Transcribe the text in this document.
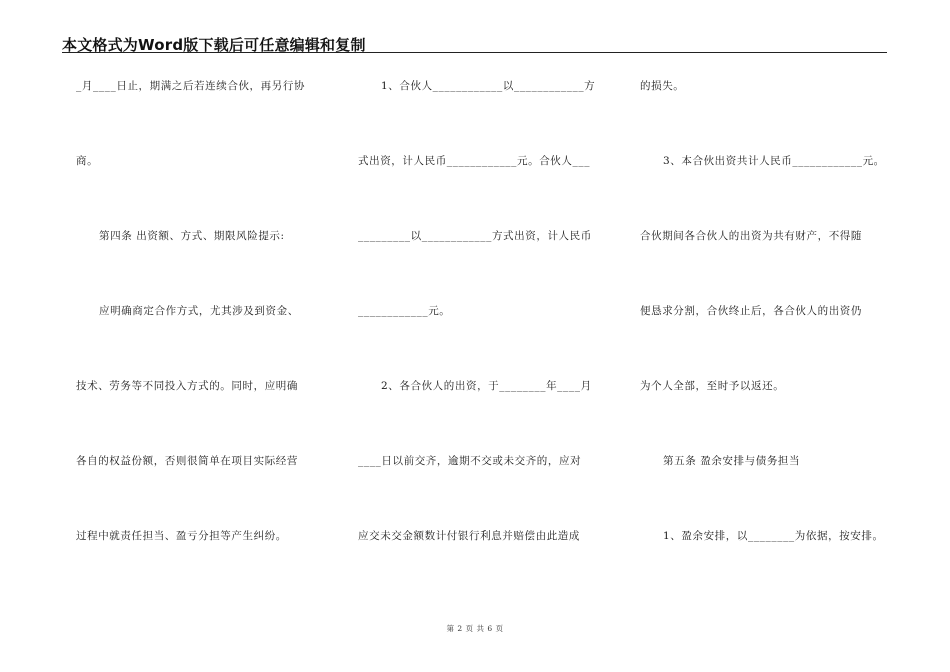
本文格式为Word版下载后可任意编辑和复制
_月____日止，期满之后若连续合伙，再另行协
商。
第四条 出资额、方式、期限风险提示:
应明确商定合作方式，尤其涉及到资金、
技术、劳务等不同投入方式的。同时，应明确
各自的权益份额，否则很简单在项目实际经营
过程中就责任担当、盈亏分担等产生纠纷。
1、合伙人____________以____________方
式出资，计人民币____________元。合伙人___
_________以____________方式出资，计人民币
____________元。
2、各合伙人的出资，于________年____月
____日以前交齐，逾期不交或未交齐的，应对
应交未交金额数计付银行利息并赔偿由此造成
的损失。
3、本合伙出资共计人民币____________元。
合伙期间各合伙人的出资为共有财产，不得随
便恳求分割，合伙终止后，各合伙人的出资仍
为个人全部，至时予以返还。
第五条 盈余安排与债务担当
1、盈余安排，以________为依据，按安排。
第 2 页 共 6 页
